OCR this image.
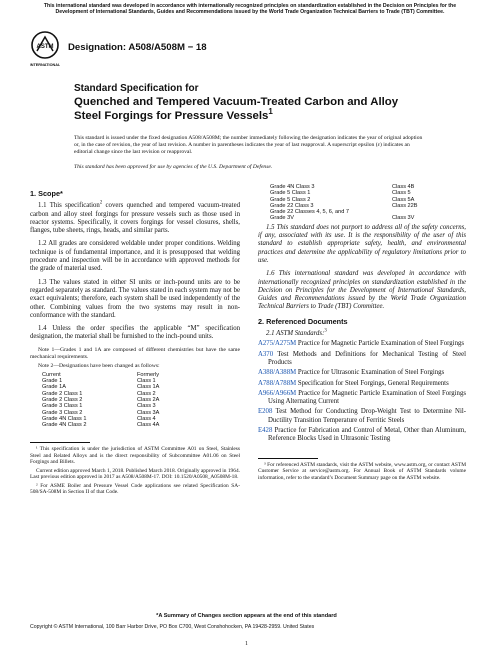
This international standard was developed in accordance with internationally recognized principles on standardization established in the Decision on Principles for the Development of International Standards, Guides and Recommendations issued by the World Trade Organization Technical Barriers to Trade (TBT) Committee.
ASTM
INTERNATIONAL
Designation: A508/A508M − 18
Standard Specification for
Quenched and Tempered Vacuum-Treated Carbon and Alloy
Steel Forgings for Pressure Vessels$^1$
This standard is issued under the fixed designation A508/A508M; the number immediately following the designation indicates the year of original adoption or, in the case of revision, the year of last revision. A number in parentheses indicates the year of last reapproval. A superscript epsilon (ε) indicates an editorial change since the last revision or reapproval.
This standard has been approved for use by agencies of the U.S. Department of Defense.
1. Scope*

1.1 This specification$^2$ covers quenched and tempered vacuum-treated carbon and alloy steel forgings for pressure vessels such as those used in reactor systems. Specifically, it covers forgings for vessel closures, shells, flanges, tube sheets, rings, heads, and similar parts.

1.2 All grades are considered weldable under proper conditions. Welding technique is of fundamental importance, and it is presupposed that welding procedure and inspection will be in accordance with approved methods for the grade of material used.

1.3 The values stated in either SI units or inch-pound units are to be regarded separately as standard. The values stated in each system may not be exact equivalents; therefore, each system shall be used independently of the other. Combining values from the two systems may result in non-conformance with the standard.

1.4 Unless the order specifies the applicable “M” specification designation, the material shall be furnished to the inch-pound units.

Note 1—Grades 1 and 1A are composed of different chemistries but have the same mechanical requirements.
Note 2—Designations have been changed as follows:
Current	Formerly
Grade 1	Class 1
Grade 1A	Class 1A
Grade 2 Class 1	Class 2
Grade 2 Class 2	Class 2A
Grade 3 Class 1	Class 3
Grade 3 Class 2	Class 3A
Grade 4N Class 1	Class 4
Grade 4N Class 2	Class 4A
¹ This specification is under the jurisdiction of ASTM Committee A01 on Steel, Stainless Steel and Related Alloys and is the direct responsibility of Subcommittee A01.06 on Steel Forgings and Billets.
Current edition approved March 1, 2018. Published March 2018. Originally approved in 1964. Last previous edition approved in 2017 as A508/A508M-17. DOI: 10.1520/A0508_A0508M-18.
² For ASME Boiler and Pressure Vessel Code applications see related Specification SA-508/SA-508M in Section II of that Code.
Grade 4N Class 3	Class 4B
Grade 5 Class 1	Class 5
Grade 5 Class 2	Class 5A
Grade 22 Class 3	Class 22B
Grade 22 Classes 4, 5, 6, and 7	
Grade 3V	Class 3V

1.5 This standard does not purport to address all of the safety concerns, if any, associated with its use. It is the responsibility of the user of this standard to establish appropriate safety, health, and environmental practices and determine the applicability of regulatory limitations prior to use.

1.6 This international standard was developed in accordance with internationally recognized principles on standardization established in the Decision on Principles for the Development of International Standards, Guides and Recommendations issued by the World Trade Organization Technical Barriers to Trade (TBT) Committee.

2. Referenced Documents

2.1 ASTM Standards:$^3$

A275/A275M Practice for Magnetic Particle Examination of Steel Forgings
A370 Test Methods and Definitions for Mechanical Testing of Steel Products
A388/A388M Practice for Ultrasonic Examination of Steel Forgings
A788/A788M Specification for Steel Forgings, General Requirements
A966/A966M Practice for Magnetic Particle Examination of Steel Forgings Using Alternating Current
E208 Test Method for Conducting Drop-Weight Test to Determine Nil-Ductility Transition Temperature of Ferritic Steels
E428 Practice for Fabrication and Control of Metal, Other than Aluminum, Reference Blocks Used in Ultrasonic Testing
³ For referenced ASTM standards, visit the ASTM website, www.astm.org, or contact ASTM Customer Service at service@astm.org. For Annual Book of ASTM Standards volume information, refer to the standard’s Document Summary page on the ASTM website.
*A Summary of Changes section appears at the end of this standard
Copyright © ASTM International, 100 Barr Harbor Drive, PO Box C700, West Conshohocken, PA 19428-2959. United States
1
